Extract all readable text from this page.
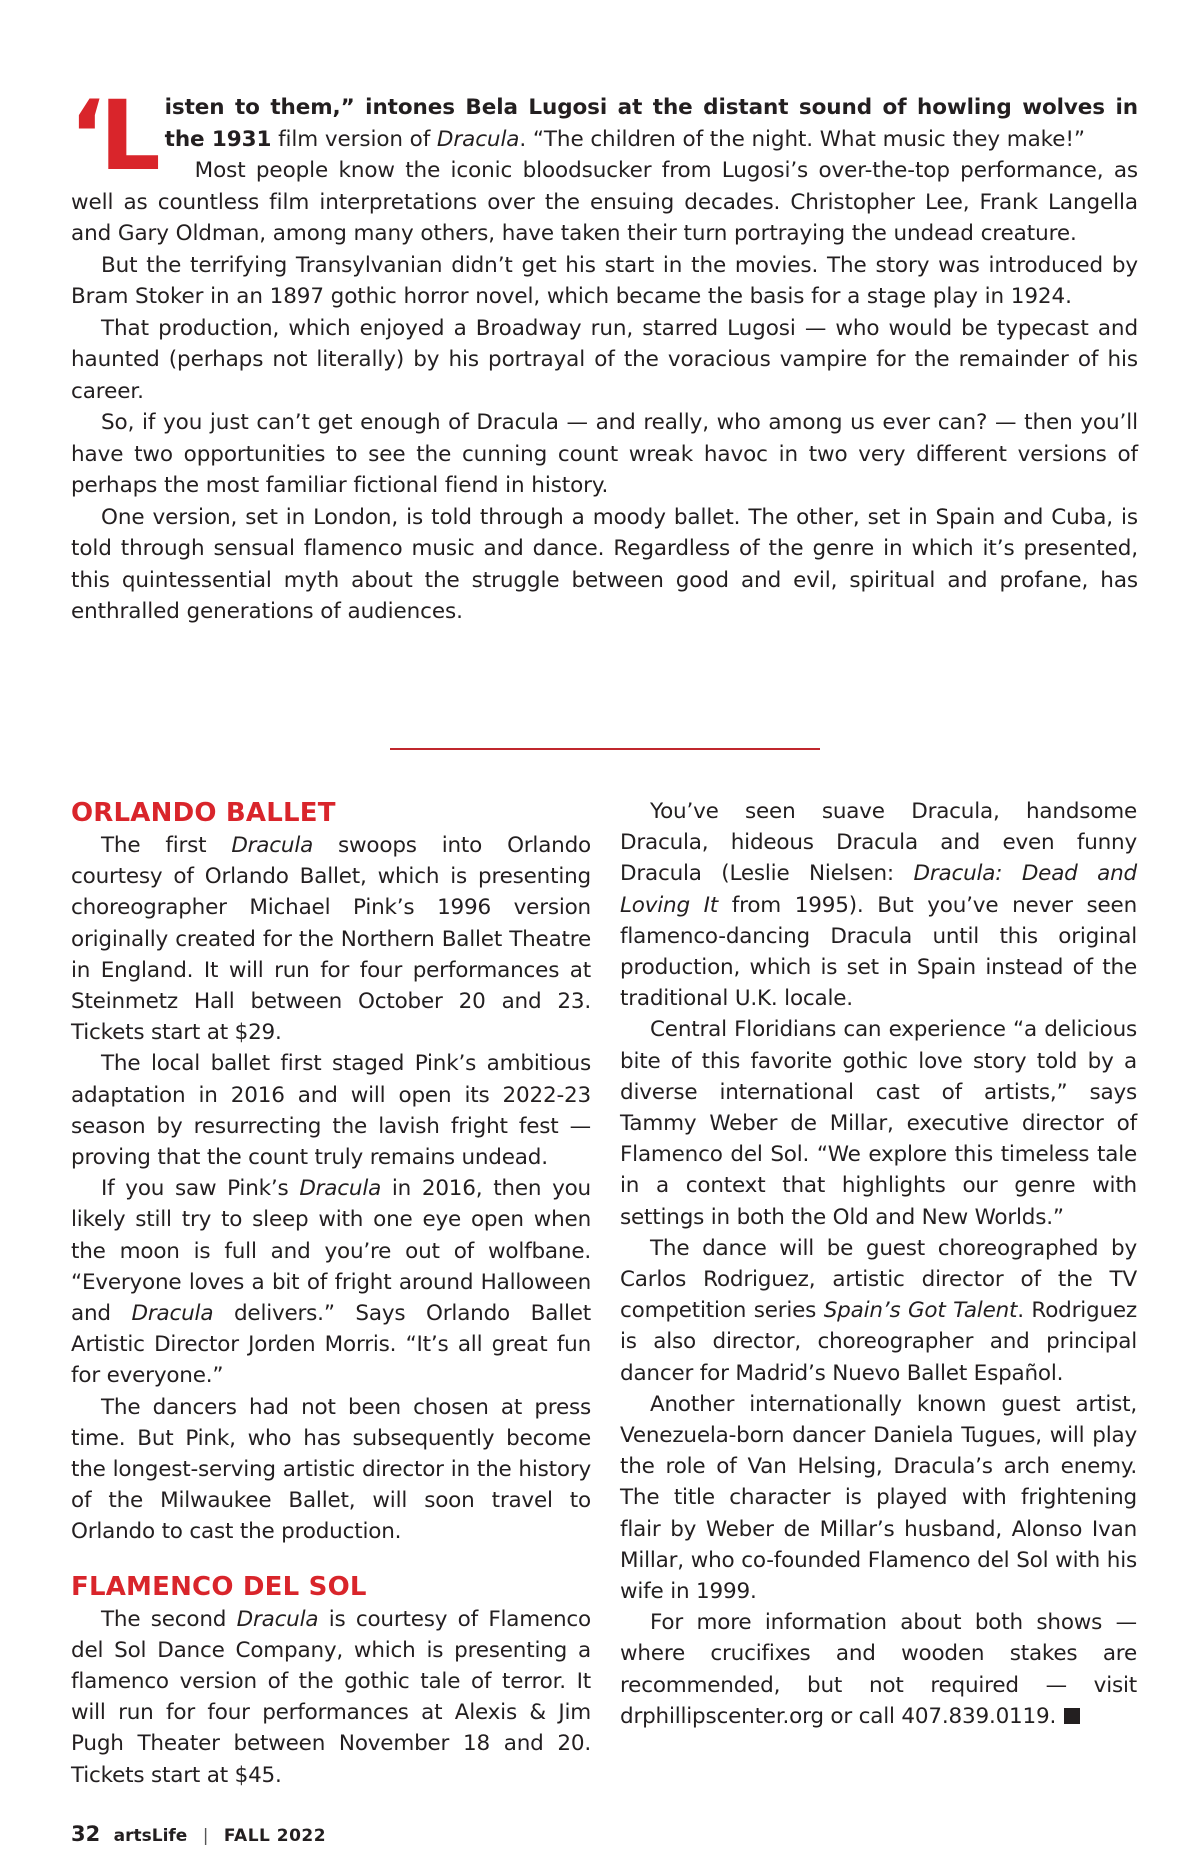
‘Listen to them,” intones Bela Lugosi at the distant sound of howling wolves in the 1931 film version of Dracula. “The children of the night. What music they make!”

Most people know the iconic bloodsucker from Lugosi’s over-the-top performance, as well as countless film interpretations over the ensuing decades. Christopher Lee, Frank Langella and Gary Oldman, among many others, have taken their turn portraying the undead creature.

But the terrifying Transylvanian didn’t get his start in the movies. The story was introduced by Bram Stoker in an 1897 gothic horror novel, which became the basis for a stage play in 1924.

That production, which enjoyed a Broadway run, starred Lugosi — who would be typecast and haunted (perhaps not literally) by his portrayal of the voracious vampire for the remainder of his career.

So, if you just can’t get enough of Dracula — and really, who among us ever can? — then you’ll have two opportunities to see the cunning count wreak havoc in two very different versions of perhaps the most familiar fictional fiend in history.

One version, set in London, is told through a moody ballet. The other, set in Spain and Cuba, is told through sensual flamenco music and dance. Regardless of the genre in which it’s presented, this quintessential myth about the struggle between good and evil, spiritual and profane, has enthralled generations of audiences.

ORLANDO BALLET

The first Dracula swoops into Orlando courtesy of Orlando Ballet, which is presenting choreographer Michael Pink’s 1996 version originally created for the Northern Ballet Theatre in England. It will run for four performances at Steinmetz Hall between October 20 and 23. Tickets start at $29.

The local ballet first staged Pink’s ambitious adaptation in 2016 and will open its 2022-23 season by resurrecting the lavish fright fest — proving that the count truly remains undead.

If you saw Pink’s Dracula in 2016, then you likely still try to sleep with one eye open when the moon is full and you’re out of wolfbane. “Everyone loves a bit of fright around Halloween and Dracula delivers.” Says Orlando Ballet Artistic Director Jorden Morris. “It’s all great fun for everyone.”

The dancers had not been chosen at press time. But Pink, who has subsequently become the longest-serving artistic director in the history of the Milwaukee Ballet, will soon travel to Orlando to cast the production.

FLAMENCO DEL SOL

The second Dracula is courtesy of Flamenco del Sol Dance Company, which is presenting a flamenco version of the gothic tale of terror. It will run for four performances at Alexis & Jim Pugh Theater between November 18 and 20. Tickets start at $45.

You’ve seen suave Dracula, handsome Dracula, hideous Dracula and even funny Dracula (Leslie Nielsen: Dracula: Dead and Loving It from 1995). But you’ve never seen flamenco-dancing Dracula until this original production, which is set in Spain instead of the traditional U.K. locale.

Central Floridians can experience “a delicious bite of this favorite gothic love story told by a diverse international cast of artists,” says Tammy Weber de Millar, executive director of Flamenco del Sol. “We explore this timeless tale in a context that highlights our genre with settings in both the Old and New Worlds.”

The dance will be guest choreographed by Carlos Rodriguez, artistic director of the TV competition series Spain’s Got Talent. Rodriguez is also director, choreographer and principal dancer for Madrid’s Nuevo Ballet Español.

Another internationally known guest artist, Venezuela-born dancer Daniela Tugues, will play the role of Van Helsing, Dracula’s arch enemy. The title character is played with frightening flair by Weber de Millar’s husband, Alonso Ivan Millar, who co-founded Flamenco del Sol with his wife in 1999.

For more information about both shows — where crucifixes and wooden stakes are recommended, but not required — visit drphillipscenter.org or call 407.839.0119.

32 artsLife | FALL 2022
